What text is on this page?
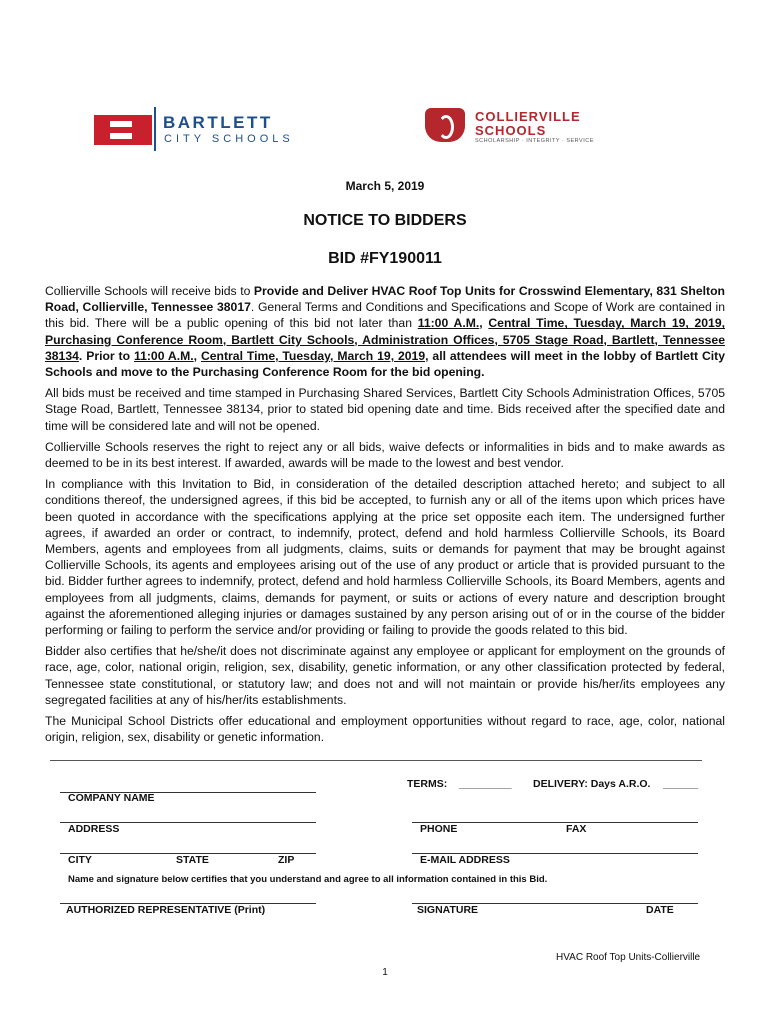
BARTLETT
CITY SCHOOLS
COLLIERVILLE
SCHOOLS
SCHOLARSHIP · INTEGRITY · SERVICE
March 5, 2019
NOTICE TO BIDDERS
BID #FY190011

Collierville Schools will receive bids to Provide and Deliver HVAC Roof Top Units for Crosswind Elementary, 831 Shelton Road, Collierville, Tennessee 38017. General Terms and Conditions and Specifications and Scope of Work are contained in this bid. There will be a public opening of this bid not later than 11:00 A.M., Central Time, Tuesday, March 19, 2019, Purchasing Conference Room, Bartlett City Schools, Administration Offices, 5705 Stage Road, Bartlett, Tennessee 38134. Prior to 11:00 A.M., Central Time, Tuesday, March 19, 2019, all attendees will meet in the lobby of Bartlett City Schools and move to the Purchasing Conference Room for the bid opening.

All bids must be received and time stamped in Purchasing Shared Services, Bartlett City Schools Administration Offices, 5705 Stage Road, Bartlett, Tennessee 38134, prior to stated bid opening date and time. Bids received after the specified date and time will be considered late and will not be opened.

Collierville Schools reserves the right to reject any or all bids, waive defects or informalities in bids and to make awards as deemed to be in its best interest. If awarded, awards will be made to the lowest and best vendor.

In compliance with this Invitation to Bid, in consideration of the detailed description attached hereto; and subject to all conditions thereof, the undersigned agrees, if this bid be accepted, to furnish any or all of the items upon which prices have been quoted in accordance with the specifications applying at the price set opposite each item. The undersigned further agrees, if awarded an order or contract, to indemnify, protect, defend and hold harmless Collierville Schools, its Board Members, agents and employees from all judgments, claims, suits or demands for payment that may be brought against Collierville Schools, its agents and employees arising out of the use of any product or article that is provided pursuant to the bid. Bidder further agrees to indemnify, protect, defend and hold harmless Collierville Schools, its Board Members, agents and employees from all judgments, claims, demands for payment, or suits or actions of every nature and description brought against the aforementioned alleging injuries or damages sustained by any person arising out of or in the course of the bidder performing or failing to perform the service and/or providing or failing to provide the goods related to this bid.

Bidder also certifies that he/she/it does not discriminate against any employee or applicant for employment on the grounds of race, age, color, national origin, religion, sex, disability, genetic information, or any other classification protected by federal, Tennessee state constitutional, or statutory law; and does not and will not maintain or provide his/her/its employees any segregated facilities at any of his/her/its establishments.

The Municipal School Districts offer educational and employment opportunities without regard to race, age, color, national origin, religion, sex, disability or genetic information.

TERMS: _________ DELIVERY: Days A.R.O. ______
COMPANY NAME
ADDRESS	PHONE	FAX
CITY	STATE	ZIP	E-MAIL ADDRESS
Name and signature below certifies that you understand and agree to all information contained in this Bid.
AUTHORIZED REPRESENTATIVE (Print)	SIGNATURE	DATE
HVAC Roof Top Units-Collierville
1
